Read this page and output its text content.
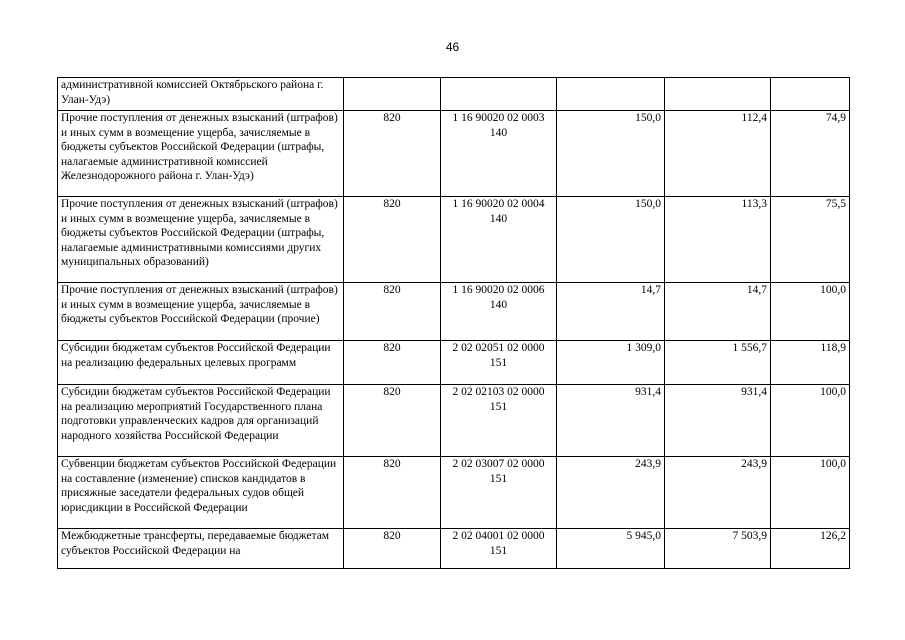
46
административной комиссией Октябрьского района г. Улан-Удэ)					
Прочие поступления от денежных взысканий (штрафов) и иных сумм в возмещение ущерба, зачисляемые в бюджеты субъектов Российской Федерации (штрафы, налагаемые административной комиссией Железнодорожного района г. Улан-Удэ)	820	1 16 90020 02 0003 140	150,0	112,4	74,9
Прочие поступления от денежных взысканий (штрафов) и иных сумм в возмещение ущерба, зачисляемые в бюджеты субъектов Российской Федерации (штрафы, налагаемые административными комиссиями других муниципальных образований)	820	1 16 90020 02 0004 140	150,0	113,3	75,5
Прочие поступления от денежных взысканий (штрафов) и иных сумм в возмещение ущерба, зачисляемые в бюджеты субъектов Российской Федерации (прочие)	820	1 16 90020 02 0006 140	14,7	14,7	100,0
Субсидии бюджетам субъектов Российской Федерации на реализацию федеральных целевых программ	820	2 02 02051 02 0000 151	1 309,0	1 556,7	118,9
Субсидии бюджетам субъектов Российской Федерации на реализацию мероприятий Государственного плана подготовки управленческих кадров для организаций народного хозяйства Российской Федерации	820	2 02 02103 02 0000 151	931,4	931,4	100,0
Субвенции бюджетам субъектов Российской Федерации на составление (изменение) списков кандидатов в присяжные заседатели федеральных судов общей юрисдикции в Российской Федерации	820	2 02 03007 02 0000 151	243,9	243,9	100,0
Межбюджетные трансферты, передаваемые бюджетам субъектов Российской Федерации на	820	2 02 04001 02 0000 151	5 945,0	7 503,9	126,2
